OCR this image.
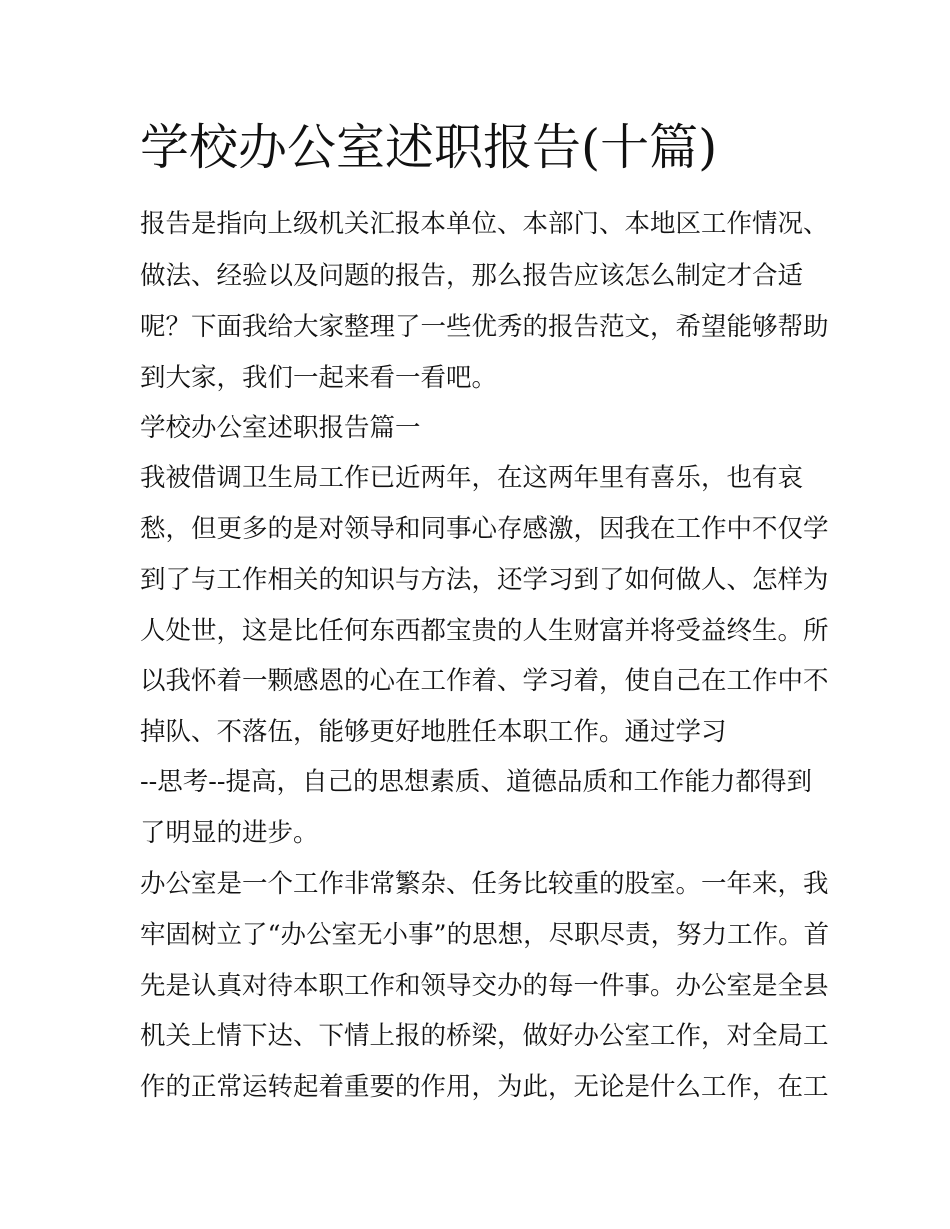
学校办公室述职报告(十篇)
报告是指向上级机关汇报本单位、本部门、本地区工作情况、
做法、经验以及问题的报告，那么报告应该怎么制定才合适
呢？下面我给大家整理了一些优秀的报告范文，希望能够帮助
到大家，我们一起来看一看吧。
学校办公室述职报告篇一
我被借调卫生局工作已近两年，在这两年里有喜乐，也有哀
愁，但更多的是对领导和同事心存感激，因我在工作中不仅学
到了与工作相关的知识与方法，还学习到了如何做人、怎样为
人处世，这是比任何东西都宝贵的人生财富并将受益终生。所
以我怀着一颗感恩的心在工作着、学习着，使自己在工作中不
掉队、不落伍，能够更好地胜任本职工作。通过学习
--思考--提高，自己的思想素质、道德品质和工作能力都得到
了明显的进步。
办公室是一个工作非常繁杂、任务比较重的股室。一年来，我
牢固树立了“办公室无小事”的思想，尽职尽责，努力工作。首
先是认真对待本职工作和领导交办的每一件事。办公室是全县
机关上情下达、下情上报的桥梁，做好办公室工作，对全局工
作的正常运转起着重要的作用，为此，无论是什么工作，在工
